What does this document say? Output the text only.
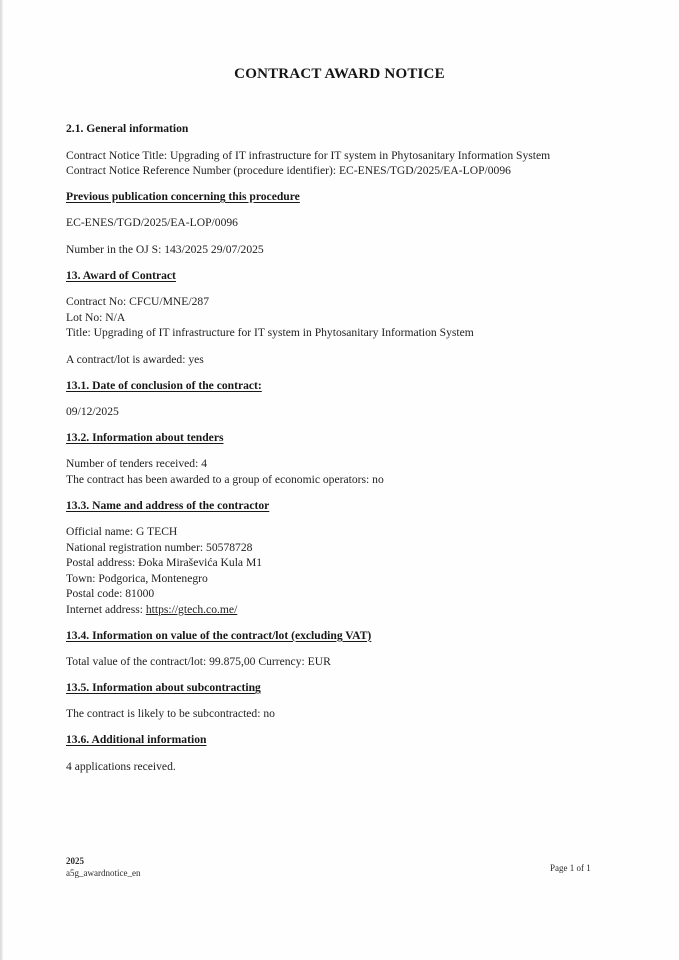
CONTRACT AWARD NOTICE

2.1. General information

Contract Notice Title: Upgrading of IT infrastructure for IT system in Phytosanitary Information System

Contract Notice Reference Number (procedure identifier): EC-ENES/TGD/2025/EA-LOP/0096

Previous publication concerning this procedure

EC-ENES/TGD/2025/EA-LOP/0096

Number in the OJ S: 143/2025 29/07/2025

13. Award of Contract

Contract No: CFCU/MNE/287

Lot No: N/A

Title: Upgrading of IT infrastructure for IT system in Phytosanitary Information System

A contract/lot is awarded: yes

13.1. Date of conclusion of the contract:

09/12/2025

13.2. Information about tenders

Number of tenders received: 4

The contract has been awarded to a group of economic operators: no

13.3. Name and address of the contractor

Official name: G TECH

National registration number: 50578728

Postal address: Đoka Miraševića Kula M1

Town: Podgorica, Montenegro

Postal code: 81000

Internet address: https://gtech.co.me/

13.4. Information on value of the contract/lot (excluding VAT)

Total value of the contract/lot: 99.875,00 Currency: EUR

13.5. Information about subcontracting

The contract is likely to be subcontracted: no

13.6. Additional information

4 applications received.

2025
a5g_awardnotice_en	Page 1 of 1
